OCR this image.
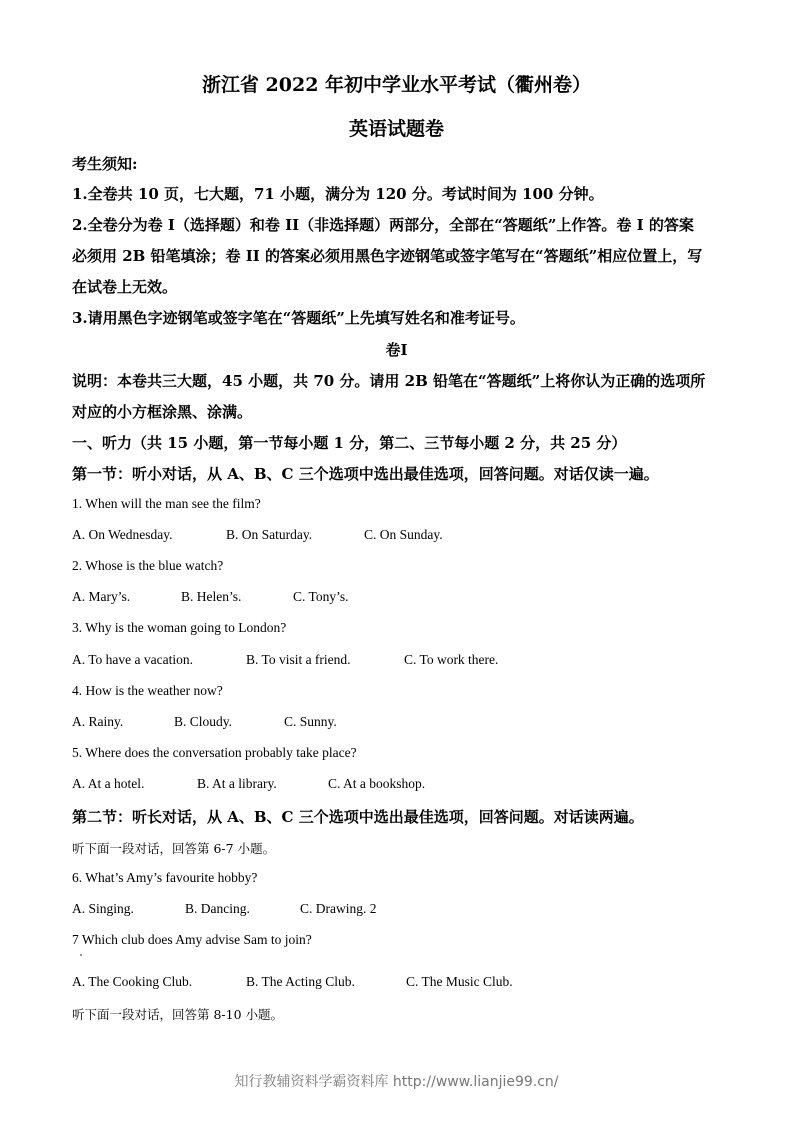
浙江省 2022 年初中学业水平考试（衢州卷）
英语试题卷
考生须知:
1.全卷共 10 页，七大题，71 小题，满分为 120 分。考试时间为 100 分钟。
2.全卷分为卷 I（选择题）和卷 II（非选择题）两部分，全部在“答题纸”上作答。卷 I 的答案
必须用 2B 铅笔填涂；卷 II 的答案必须用黑色字迹钢笔或签字笔写在“答题纸”相应位置上，写
在试卷上无效。
3.请用黑色字迹钢笔或签字笔在“答题纸”上先填写姓名和准考证号。
卷I
说明：本卷共三大题，45 小题，共 70 分。请用 2B 铅笔在“答题纸”上将你认为正确的选项所
对应的小方框涂黑、涂满。
一、听力（共 15 小题，第一节每小题 1 分，第二、三节每小题 2 分，共 25 分）
第一节：听小对话，从 A、B、C 三个选项中选出最佳选项，回答问题。对话仅读一遍。
1. When will the man see the film?
A. On Wednesday.	B. On Saturday.	C. On Sunday.
2. Whose is the blue watch?
A. Mary’s.	B. Helen’s.	C. Tony’s.
3. Why is the woman going to London?
A. To have a vacation.	B. To visit a friend.	C. To work there.
4. How is the weather now?
A. Rainy.	B. Cloudy.	C. Sunny.
5. Where does the conversation probably take place?
A. At a hotel.	B. At a library.	C. At a bookshop.
第二节：听长对话，从 A、B、C 三个选项中选出最佳选项，回答问题。对话读两遍。
听下面一段对话，回答第 6-7 小题。
6. What’s Amy’s favourite hobby?
A. Singing.	B. Dancing.	C. Drawing. 2
7 Which club does Amy advise Sam to join?
A. The Cooking Club.	B. The Acting Club.	C. The Music Club.
听下面一段对话，回答第 8-10 小题。
知行教辅资料学霸资料库 http://www.lianjie99.cn/
